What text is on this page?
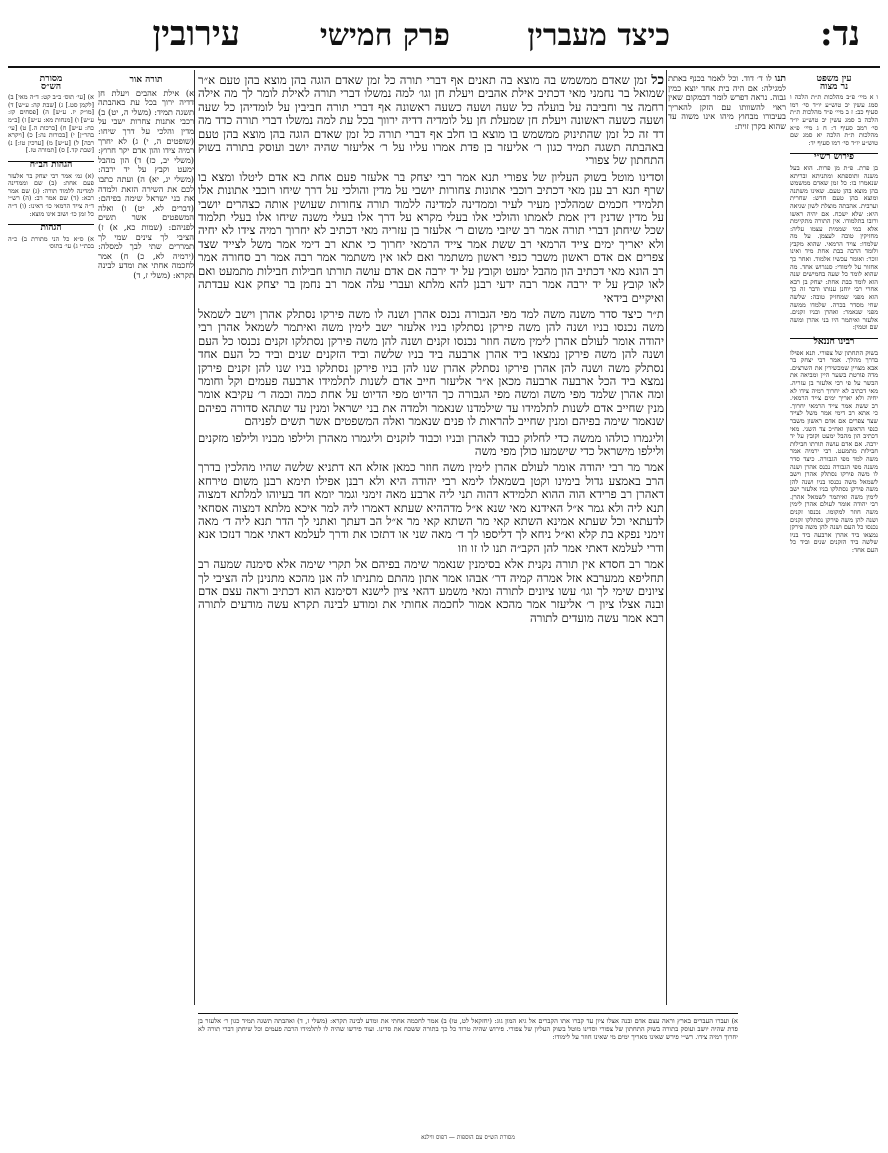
נד:
כיצד מעברין
פרק חמישי
עירובין
עין משפט
נר מצוה
ו א מיי׳ פ״ב מהלכות ת״ת הלכה ו סמג עשין יב טוש״ע יו״ד סי׳ רמו סעיף כב: ז ב מיי׳ פ״ד מהלכות ת״ת הלכה ב סמג עשין יב טוש״ע יו״ד סי׳ רמב סעיף ד: ח ג מיי׳ פ״א מהלכות ת״ת הלכה יא סמג שם טוש״ע יו״ד סי׳ רמו סעיף יד:
פירוש רש״י
בן פרת. פ״ת מן פרות. הוא בעל משנה ותוספתא ומתניתא ובריתא שנאמרו בו: כל זמן שאדם ממשמש בהן מוצא בהן טעם. שאינו משתנה ומוצא בהן טעם חדש: שחרית וערבית. אהבתה מוצלת לשון שגיאה היא: שלא ישכח. אם יהיה ראשו ורובו בתלמודו. אין התורה מתקיימת אלא במי שממית עצמו עליה: מחזיקין טובה לעצמן. על מה שלמדו: צויד הרמאי. שהוא מקבץ ולומד הרבה בבת אחת מיד ואינו זוכר: ואומר עכשיו אלמוד. ואחר כך אחזור על לימודי: סנגרוש אחד. מה שהוא לומד כל שעה בחמישים שנה הוא לומד בבת אחת: יצחק בן רבא אחרי רבי יוחנן ענותו ודבר זה כך הוא מפני שמחזיק טובה: שלשה שחי מסדר בכרה. שלמדו ממשה מפני שנאמר: ואהרן ובניו זקנים. אלעזר ואיתמר היו בני אהרן ומשה שם וטמין:
רבינו חננאל
בשוק התחתון של צפורי. תנא אפילו בדרך מהלך. אמר רבי יצחק בר אבא מצויין שמכשירין את השרצים. מדה פורטת בשער היין ומביאה את הבשר על פי רבי אלעזר בן עזריה. מאי דכתיב לא יחרוך רמיה צידו לא יחיה ולא יאריך ימים צייד הרמאי. רב ששת אמר צייד הרמאי יחרוך. כי אתא רב דימי אמר משל לצייד שצד צפרים אם אדם ראשון משבר כנפי הראשון ואח״כ צד השני. מאי דכתיב הון מהבל ימעט וקובץ על יד ירבה. אם אדם עושה תורתו חבילות חבילות מתמעט. רבי ירמיה אמר משה למד מפי הגבורה. כיצד סדר משנה מפי הגבורה נכנס אהרן ושנה לו משה פירקו נסתלק אהרן וישב לשמאל משה נכנסו בניו ושנה להן משה פירקן נסתלקו בניו אלעזר ישב לימין משה ואיתמר לשמאל אהרן. רבי יהודה אומר לעולם אהרן לימין משה חוזר למקומו. נכנסו זקנים ושנה להן משה פירקן נסתלקו זקנים נכנסו כל העם ושנה להן משה פירקן נמצאו ביד אהרן ארבעה ביד בניו שלשה ביד הזקנים שנים וביד כל העם אחד:
תנו לו ד׳ דוד. וכל לאמר בכנף באתת למגילה: אם היה בית אחד יוצא כמין גבוה. נראה דפרש לומר דבמקום שאין ראוי להשוותו עם הזקן להאריך בעיבורו מבחוץ מיהו אינו משוה עד שהוא בקרן זוית:

כל זמן שאדם ממשמש בה מוצא בה תאנים אף דברי תורה כל זמן שאדם הוגה בהן מוצא בהן טעם א״ר שמואל בר נחמני מאי דכתיב אילת אהבים ויעלת חן וגו׳ למה נמשלו דברי תורה לאילת לומר לך מה אילה רחמה צר וחביבה על בועלה כל שעה ושעה כשעה ראשונה אף דברי תורה חביבין על לומדיהן כל שעה ושעה כשעה ראשונה ויעלת חן שמעלת חן על לומדיה דדיה ירווך בכל עת למה נמשלו דברי תורה כדד מה דד זה כל זמן שהתינוק ממשמש בו מוצא בו חלב אף דברי תורה כל זמן שאדם הוגה בהן מוצא בהן טעם באהבתה תשגה תמיד כגון ר׳ אליעזר בן פדת אמרו עליו על ר׳ אליעזר שהיה יושב ועוסק בתורה בשוק התחתון של צפורי

וסדינו מוטל בשוק העליון של צפורי תנא אמר רבי יצחק בר אלעזר פעם אחת בא אדם ליטלו ומצא בו שרף תנא רב ענן מאי דכתיב רוכבי אתונות צחורות יושבי על מדין והולכי על דרך שיחו רוכבי אתונות אלו תלמידי חכמים שמהלכין מעיר לעיר וממדינה למדינה ללמוד תורה צחורות שעושין אותה כצהרים יושבי על מדין שדנין דין אמת לאמתו והולכי אלו בעלי מקרא על דרך אלו בעלי משנה שיחו אלו בעלי תלמוד שכל שיחתן דברי תורה אמר רב שיזבי משום ר׳ אלעזר בן עזריה מאי דכתיב לא יחרוך רמיה צידו לא יחיה ולא יאריך ימים צייד הרמאי רב ששת אמר צייד הרמאי יחרוך כי אתא רב דימי אמר משל לצייד שצד צפרים אם אדם ראשון משבר כנפי ראשון משתמר ואם לאו אין משתמר אמר רבה אמר רב סחורה אמר רב הונא מאי דכתיב הון מהבל ימעט וקובץ על יד ירבה אם אדם עושה תורתו חבילות חבילות מתמעט ואם לאו קובץ על יד ירבה אמר רבה ידעי רבנן להא מלתא ועברי עלה אמר רב נחמן בר יצחק אנא עבדתה ואיקיים בידאי

ת״ר כיצד סדר משנה משה למד מפי הגבורה נכנס אהרן ושנה לו משה פירקו נסתלק אהרן וישב לשמאל משה נכנסו בניו ושנה להן משה פירקן נסתלקו בניו אלעזר ישב לימין משה ואיתמר לשמאל אהרן רבי יהודה אומר לעולם אהרן לימין משה חוזר נכנסו זקנים ושנה להן משה פירקן נסתלקו זקנים נכנסו כל העם ושנה להן משה פירקן נמצאו ביד אהרן ארבעה ביד בניו שלשה וביד הזקנים שנים וביד כל העם אחד נסתלק משה ושנה להן אהרן פירקו נסתלק אהרן שנו להן בניו פירקן נסתלקו בניו שנו להן זקנים פירקן נמצא ביד הכל ארבעה ארבעה מכאן א״ר אליעזר חייב אדם לשנות לתלמידו ארבעה פעמים וקל וחומר ומה אהרן שלמד מפי משה ומשה מפי הגבורה כך הדיוט מפי הדיוט על אחת כמה וכמה ר׳ עקיבא אומר מנין שחייב אדם לשנות לתלמידו עד שילמדנו שנאמר ולמדה את בני ישראל ומנין עד שתהא סדורה בפיהם שנאמר שימה בפיהם ומנין שחייב להראות לו פנים שנאמר ואלה המשפטים אשר תשים לפניהם

וליגמרו כולהו ממשה כדי לחלוק כבוד לאהרן ובניו וכבוד לזקנים וליגמרו מאהרן ולילפו מבניו ולילפו מזקנים ולילפו מישראל כדי שישמעו כולן מפי משה

אמר מר רבי יהודה אומר לעולם אהרן לימין משה חוזר כמאן אזלא הא דתניא שלשה שהיו מהלכין בדרך הרב באמצע גדול בימינו וקטן בשמאלו לימא רבי יהודה היא ולא רבנן אפילו תימא רבנן משום טירחא דאהרן רב פרידא הוה ההוא תלמידא דהוה תני ליה ארבע מאה זימני וגמר יומא חד בעיוהו למלתא דמצוה תנא ליה ולא גמר א״ל האידנא מאי שנא א״ל מדההיא שעתא דאמרו ליה למר איכא מלתא דמצוה אסחאי לדעתאי וכל שעתא אמינא השתא קאי מר השתא קאי מר א״ל הב דעתך ואתני לך הדר תנא ליה ד׳ מאה זימני נפקא בת קלא וא״ל ניחא לך דליספו לך ד׳ מאה שני או דתזכו את ודרך לעלמא דאתי אמר דנזכו אנא ודרי לעלמא דאתי אמר להן הקב״ה תנו לו זו וזו

אמר רב חסדא אין תורה נקנית אלא בסימנין שנאמר שימה בפיהם אל תקרי שימה אלא סימנה שמעה רב תחליפא ממערבא אזל אמרה קמיה דר׳ אבהו אמר אתון מהתם מתניתו לה אנן מהכא מתנינן לה הציבי לך ציונים שימי לך וגו׳ עשו ציונים לתורה ומאי משמע דהאי ציון לישנא דסימנא הוא דכתיב וראה עצם אדם ובנה אצלו ציון ר׳ אליעזר אמר מהכא אמור לחכמה אחותי את ומודע לבינה תקרא עשה מודעים לתורה רבא אמר עשה מועדים לתורה

תורה אור
א) אילת אהבים ויעלת חן דדיה ירוך בכל עת באהבתה תשגה תמיד: (משלי ה, יט) ב) רכבי אתנות צחרות ישבי על מדין והלכי על דרך שיחו: (שופטים ה, י) ג) לא יחרך רמיה צידו והון אדם יקר חרוץ: (משלי יב, כז) ד) הון מהבל ימעט וקבץ על יד ירבה: (משלי יג, יא) ה) ועתה כתבו לכם את השירה הזאת ולמדה את בני ישראל שימה בפיהם: (דברים לא, יט) ו) ואלה המשפטים אשר תשים לפניהם: (שמות כא, א) ז) הציבי לך צינים שמי לך תמררים שתי לבך למסלה: (ירמיה לא, כ) ח) אמר לחכמה אחתי את ומדע לבינה תקרא: (משלי ז, ד)
מסורת
הש״ס
א) [עי׳ תוס׳ ב״ב קט: ד״ה מאי] ב) [לקמן סט.] ג) [שבת קה: ע״ש] ד) [מו״ק יז. ע״ש] ה) [פסחים קז: ע״ש] ו) [מנחות מא: ע״ש] ז) [ב״מ כח: ע״ש] ח) [ברכות ה.] ט) [עי׳ בהר״ן] י) [בכורות נה:] כ) [ויקרא רבה] ל) [ע״ש] מ) [ערכין טו:] נ) [שבת קד.] ס) [תמורה טז.]
הגהות הב״ח
(א) גמ׳ אמר רבי יצחק בר אלעזר פעם אחת: (ב) שם וממדינה למדינה ללמוד תורה: (ג) שם אמר רבא: (ד) שם אמר רב: (ה) רש״י ד״ה צייד הרמאי כו׳ דאינו: (ו) ד״ה כל זמן כו׳ ושוב אינו מוצא:
הגהות
א) ס״א כל הני מתורת ב) כ״ה בכת״י ג) עי׳ בתוס׳
א) ועברו העברים בארץ וראה עצם אדם ובנה אצלו ציון עד קברו אתו הקברים אל גיא המון גוג: (יחזקאל לט, טו) ב) אמר לחכמה אחתי את ומדע לבינה תקרא: (משלי ז, ד) ואהבתה תשגה תמיד כגון ר׳ אלעזר בן פדת שהיה יושב ועוסק בתורה בשוק התחתון של צפורי וסדינו מוטל בשוק העליון של צפורי. פירוש שהיה טרוד כל כך בתורה ששכח את סדינו. ועוד פירשו שהיה לו לתלמידו הרבה פעמים וכל שיחתן דברי תורה לא יחרוך רמיה צידו. רש״י פירש שאינו מאריך ימים מי שאינו חוזר על לימודו:
מסורת הש״ס עם הוספות — דפוס ווילנא
